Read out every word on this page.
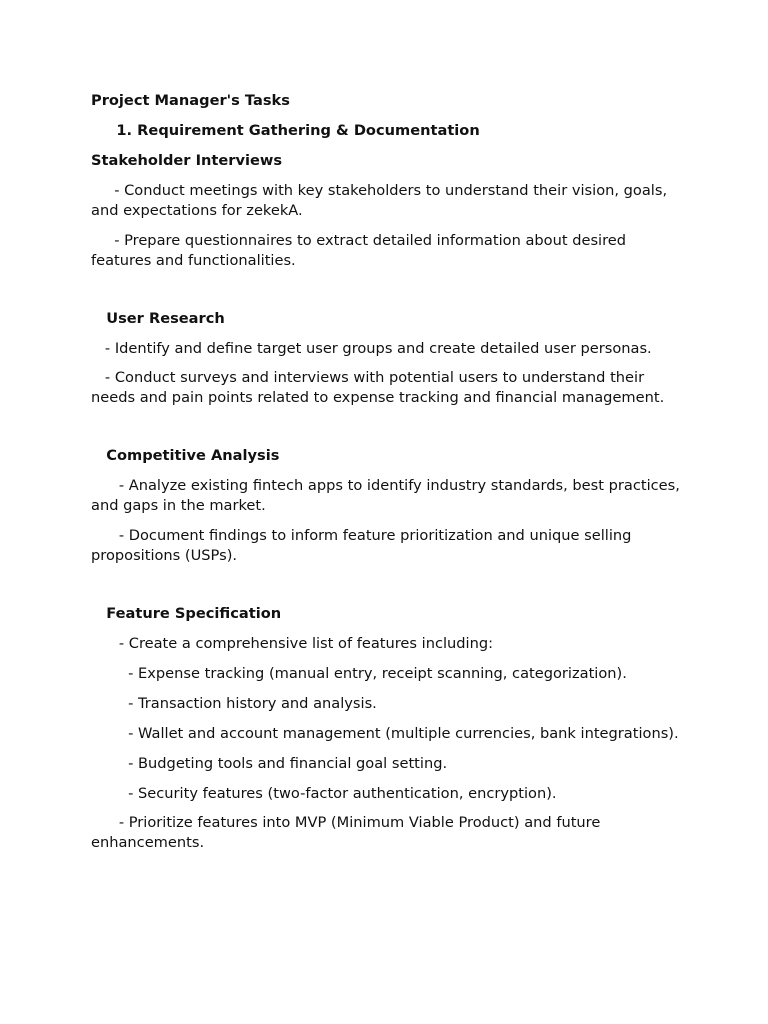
Project Manager's Tasks
1. Requirement Gathering & Documentation
Stakeholder Interviews
- Conduct meetings with key stakeholders to understand their vision, goals, and expectations for zekekA.
- Prepare questionnaires to extract detailed information about desired features and functionalities.
User Research
- Identify and define target user groups and create detailed user personas.
- Conduct surveys and interviews with potential users to understand their needs and pain points related to expense tracking and financial management.
Competitive Analysis
- Analyze existing fintech apps to identify industry standards, best practices, and gaps in the market.
- Document findings to inform feature prioritization and unique selling propositions (USPs).
Feature Specification
- Create a comprehensive list of features including:
- Expense tracking (manual entry, receipt scanning, categorization).
- Transaction history and analysis.
- Wallet and account management (multiple currencies, bank integrations).
- Budgeting tools and financial goal setting.
- Security features (two-factor authentication, encryption).
- Prioritize features into MVP (Minimum Viable Product) and future enhancements.
